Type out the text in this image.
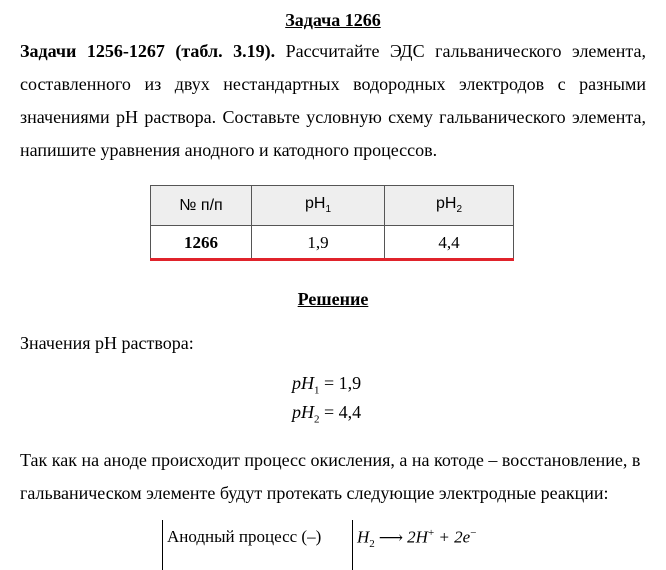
Задача 1266
Задачи 1256-1267 (табл. 3.19). Рассчитайте ЭДС гальванического элемента, составленного из двух нестандартных водородных электродов с разными значениями pH раствора. Составьте условную схему гальванического элемента, напишите уравнения анодного и катодного процессов.
№ п/п	$pH_1$	$pH_2$
1266	1,9	4,4
Решение
Значения pH раствора:
$pH_1 = 1,9$
$pH_2 = 4,4$
Так как на аноде происходит процесс окисления, а на котоде – восстановление, в гальваническом элементе будут протекать следующие электродные реакции:
Анодный процесс (–) $H_2$ ⟶ 2H+ + 2e−
